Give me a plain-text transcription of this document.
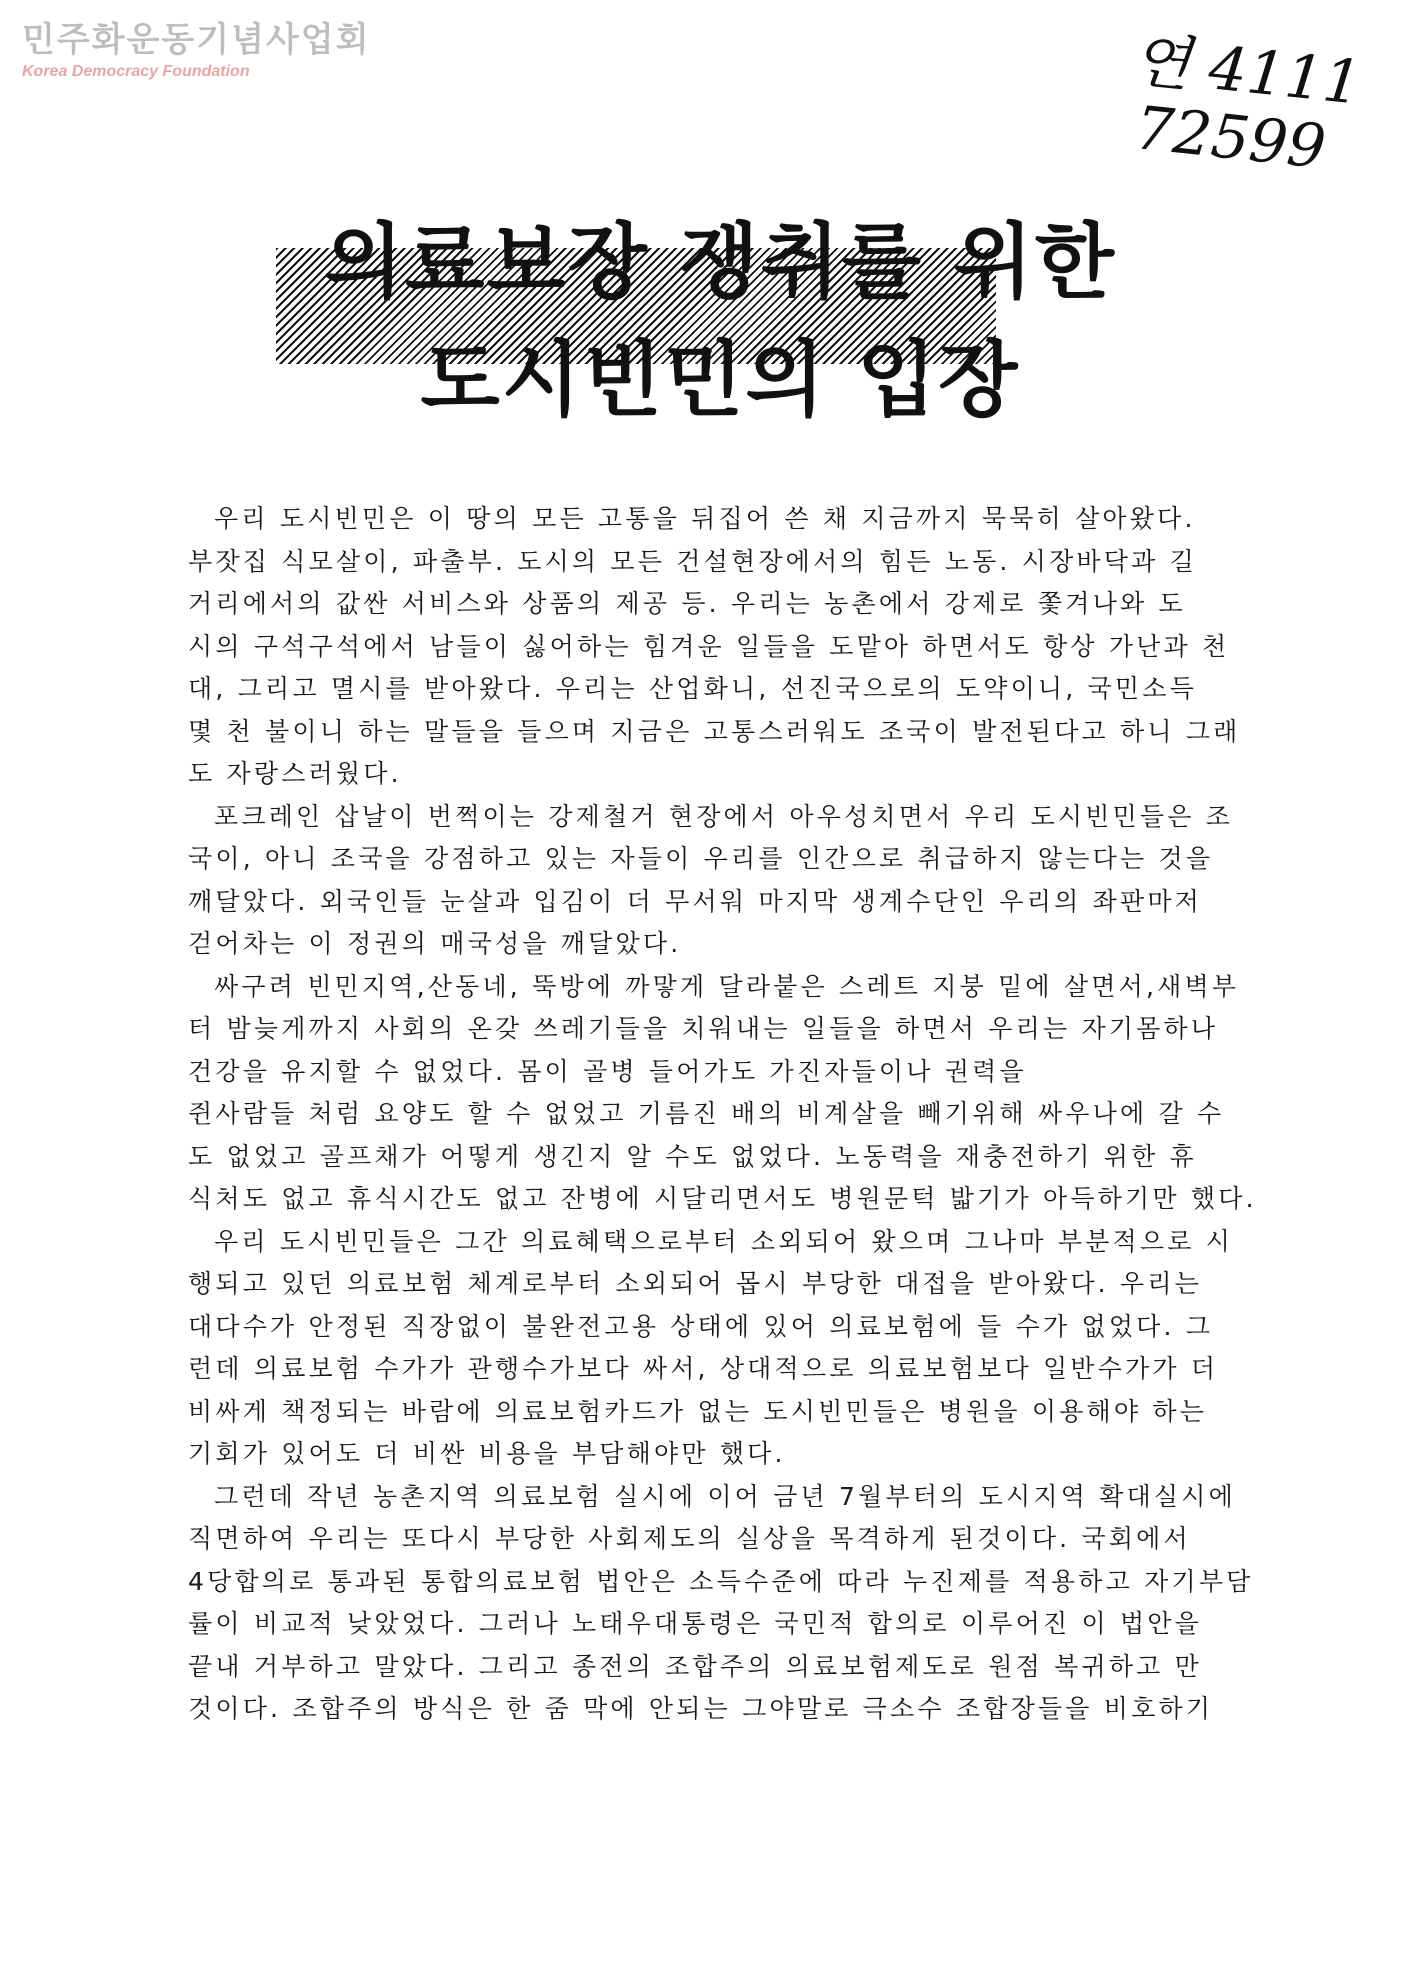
민주화운동기념사업회
Korea Democracy Foundation	연 4111
72599
의료보장 쟁취를 위한
도시빈민의 입장
우리 도시빈민은 이 땅의 모든 고통을 뒤집어 쓴 채 지금까지 묵묵히 살아왔다.
부잣집 식모살이, 파출부. 도시의 모든 건설현장에서의 힘든 노동. 시장바닥과 길
거리에서의 값싼 서비스와 상품의 제공 등. 우리는 농촌에서 강제로 쫓겨나와 도
시의 구석구석에서 남들이 싫어하는 힘겨운 일들을 도맡아 하면서도 항상 가난과 천
대, 그리고 멸시를 받아왔다. 우리는 산업화니, 선진국으로의 도약이니, 국민소득
몇 천 불이니 하는 말들을 들으며 지금은 고통스러워도 조국이 발전된다고 하니 그래
도 자랑스러웠다.
포크레인 삽날이 번쩍이는 강제철거 현장에서 아우성치면서 우리 도시빈민들은 조
국이, 아니 조국을 강점하고 있는 자들이 우리를 인간으로 취급하지 않는다는 것을
깨달았다. 외국인들 눈살과 입김이 더 무서워 마지막 생계수단인 우리의 좌판마저
걷어차는 이 정권의 매국성을 깨달았다.
싸구려 빈민지역,산동네, 뚝방에 까맣게 달라붙은 스레트 지붕 밑에 살면서,새벽부
터 밤늦게까지 사회의 온갖 쓰레기들을 치워내는 일들을 하면서 우리는 자기몸하나
건강을 유지할 수 없었다. 몸이 골병 들어가도 가진자들이나 권력을
쥔사람들 처럼 요양도 할 수 없었고 기름진 배의 비계살을 빼기위해 싸우나에 갈 수
도 없었고 골프채가 어떻게 생긴지 알 수도 없었다. 노동력을 재충전하기 위한 휴
식처도 없고 휴식시간도 없고 잔병에 시달리면서도 병원문턱 밟기가 아득하기만 했다.
우리 도시빈민들은 그간 의료혜택으로부터 소외되어 왔으며 그나마 부분적으로 시
행되고 있던 의료보험 체계로부터 소외되어 몹시 부당한 대접을 받아왔다. 우리는
대다수가 안정된 직장없이 불완전고용 상태에 있어 의료보험에 들 수가 없었다. 그
런데 의료보험 수가가 관행수가보다 싸서, 상대적으로 의료보험보다 일반수가가 더
비싸게 책정되는 바람에 의료보험카드가 없는 도시빈민들은 병원을 이용해야 하는
기회가 있어도 더 비싼 비용을 부담해야만 했다.
그런데 작년 농촌지역 의료보험 실시에 이어 금년 7월부터의 도시지역 확대실시에
직면하여 우리는 또다시 부당한 사회제도의 실상을 목격하게 된것이다. 국회에서
4당합의로 통과된 통합의료보험 법안은 소득수준에 따라 누진제를 적용하고 자기부담
률이 비교적 낮았었다. 그러나 노태우대통령은 국민적 합의로 이루어진 이 법안을
끝내 거부하고 말았다. 그리고 종전의 조합주의 의료보험제도로 원점 복귀하고 만
것이다. 조합주의 방식은 한 줌 막에 안되는 그야말로 극소수 조합장들을 비호하기
